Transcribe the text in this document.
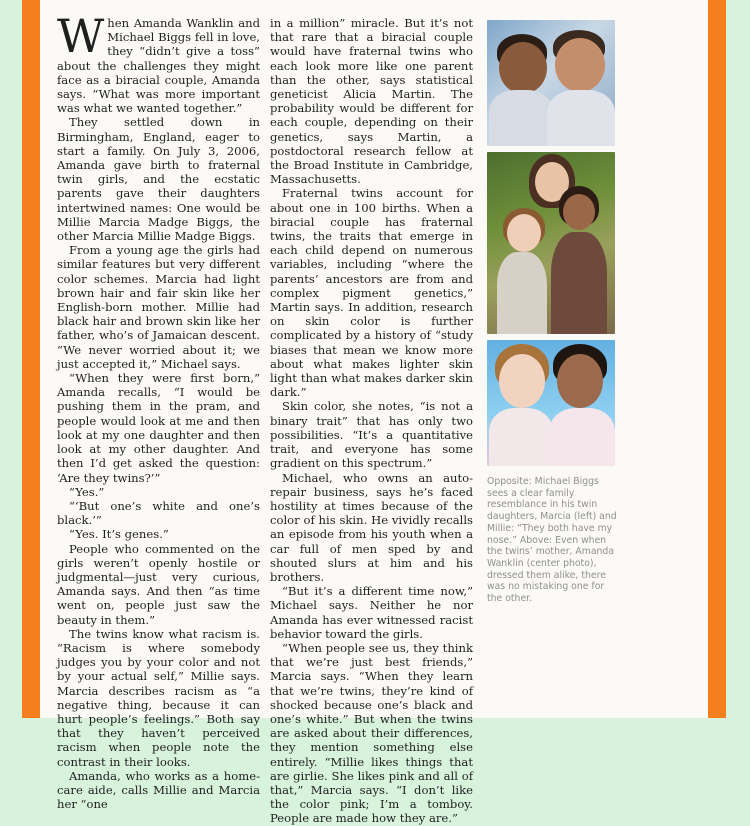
When Amanda Wanklin and Michael Biggs fell in love, they “didn’t give a toss” about the challenges they might face as a biracial couple, Amanda says. “What was more important was what we wanted together.”

They settled down in Birmingham, England, eager to start a family. On July 3, 2006, Amanda gave birth to fraternal twin girls, and the ecstatic parents gave their daughters intertwined names: One would be Millie Marcia Madge Biggs, the other Marcia Millie Madge Biggs.

From a young age the girls had similar features but very different color schemes. Marcia had light brown hair and fair skin like her English-born mother. Millie had black hair and brown skin like her father, who’s of Jamaican descent. “We never worried about it; we just accepted it,” Michael says.

“When they were first born,” Amanda recalls, “I would be pushing them in the pram, and people would look at me and then look at my one daughter and then look at my other daughter. And then I’d get asked the question: ‘Are they twins?’”

“Yes.”

“‘But one’s white and one’s black.’”

“Yes. It’s genes.”

People who commented on the girls weren’t openly hostile or judgmental—just very curious, Amanda says. And then “as time went on, people just saw the beauty in them.”

The twins know what racism is. “Racism is where somebody judges you by your color and not by your actual self,” Millie says. Marcia describes racism as “a negative thing, because it can hurt people’s feelings.” Both say that they haven’t perceived racism when people note the contrast in their looks.

Amanda, who works as a home-care aide, calls Millie and Marcia her “one

in a million” miracle. But it’s not that rare that a biracial couple would have fraternal twins who each look more like one parent than the other, says statistical geneticist Alicia Martin. The probability would be different for each couple, depending on their genetics, says Martin, a postdoctoral research fellow at the Broad Institute in Cambridge, Massachusetts.

Fraternal twins account for about one in 100 births. When a biracial couple has fraternal twins, the traits that emerge in each child depend on numerous variables, including “where the parents’ ancestors are from and complex pigment genetics,” Martin says. In addition, research on skin color is further complicated by a history of “study biases that mean we know more about what makes lighter skin light than what makes darker skin dark.”

Skin color, she notes, “is not a binary trait” that has only two possibilities. “It’s a quantitative trait, and everyone has some gradient on this spectrum.”

Michael, who owns an auto-repair business, says he’s faced hostility at times because of the color of his skin. He vividly recalls an episode from his youth when a car full of men sped by and shouted slurs at him and his brothers.

“But it’s a different time now,” Michael says. Neither he nor Amanda has ever witnessed racist behavior toward the girls.

“When people see us, they think that we’re just best friends,” Marcia says. “When they learn that we’re twins, they’re kind of shocked because one’s black and one’s white.” But when the twins are asked about their differences, they mention something else entirely. “Millie likes things that are girlie. She likes pink and all of that,” Marcia says. “I don’t like the color pink; I’m a tomboy. People are made how they are.”

Opposite: Michael Biggs sees a clear family resemblance in his twin daughters, Marcia (left) and Millie: “They both have my nose.” Above: Even when the twins’ mother, Amanda Wanklin (center photo), dressed them alike, there was no mistaking one for the other.
